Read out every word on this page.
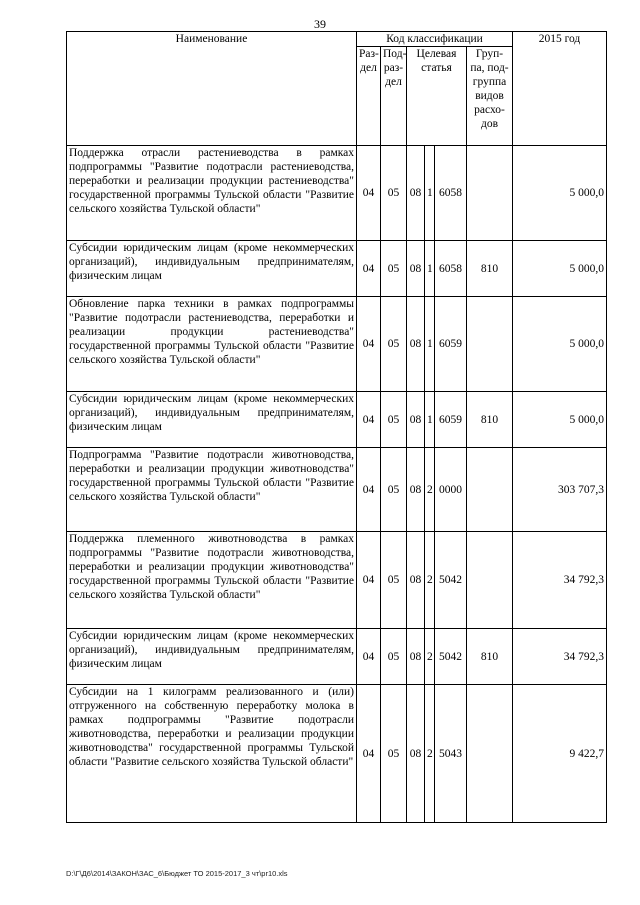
39
Наименование	Код классификации						2015 год
	Раз-дел	Под-раз-дел	Целевая статья			Груп-па, под-группа видов расхо-дов	
Поддержка отрасли растениеводства в рамках подпрограммы "Развитие подотрасли растениеводства, переработки и реализации продукции растениеводства" государственной программы Тульской области "Развитие сельского хозяйства Тульской области"	04	05	08	1	6058		5 000,0
Субсидии юридическим лицам (кроме некоммерческих организаций), индивидуальным предпринимателям, физическим лицам	04	05	08	1	6058	810	5 000,0
Обновление парка техники в рамках подпрограммы "Развитие подотрасли растениеводства, переработки и реализации продукции растениеводства" государственной программы Тульской области "Развитие сельского хозяйства Тульской области"	04	05	08	1	6059		5 000,0
Субсидии юридическим лицам (кроме некоммерческих организаций), индивидуальным предпринимателям, физическим лицам	04	05	08	1	6059	810	5 000,0
Подпрограмма "Развитие подотрасли животноводства, переработки и реализации продукции животноводства" государственной программы Тульской области "Развитие сельского хозяйства Тульской области"	04	05	08	2	0000		303 707,3
Поддержка племенного животноводства в рамках подпрограммы "Развитие подотрасли животноводства, переработки и реализации продукции животноводства" государственной программы Тульской области "Развитие сельского хозяйства Тульской области"	04	05	08	2	5042		34 792,3
Субсидии юридическим лицам (кроме некоммерческих организаций), индивидуальным предпринимателям, физическим лицам	04	05	08	2	5042	810	34 792,3
Субсидии на 1 килограмм реализованного и (или) отгруженного на собственную переработку молока в рамках подпрограммы "Развитие подотрасли животноводства, переработки и реализации продукции животноводства" государственной программы Тульской области "Развитие сельского хозяйства Тульской области"	04	05	08	2	5043		9 422,7
D:\Г\Д6\2014\ЗАКОН\ЗАС_6\Бюджет ТО 2015-2017_3 чт\pr10.xls
